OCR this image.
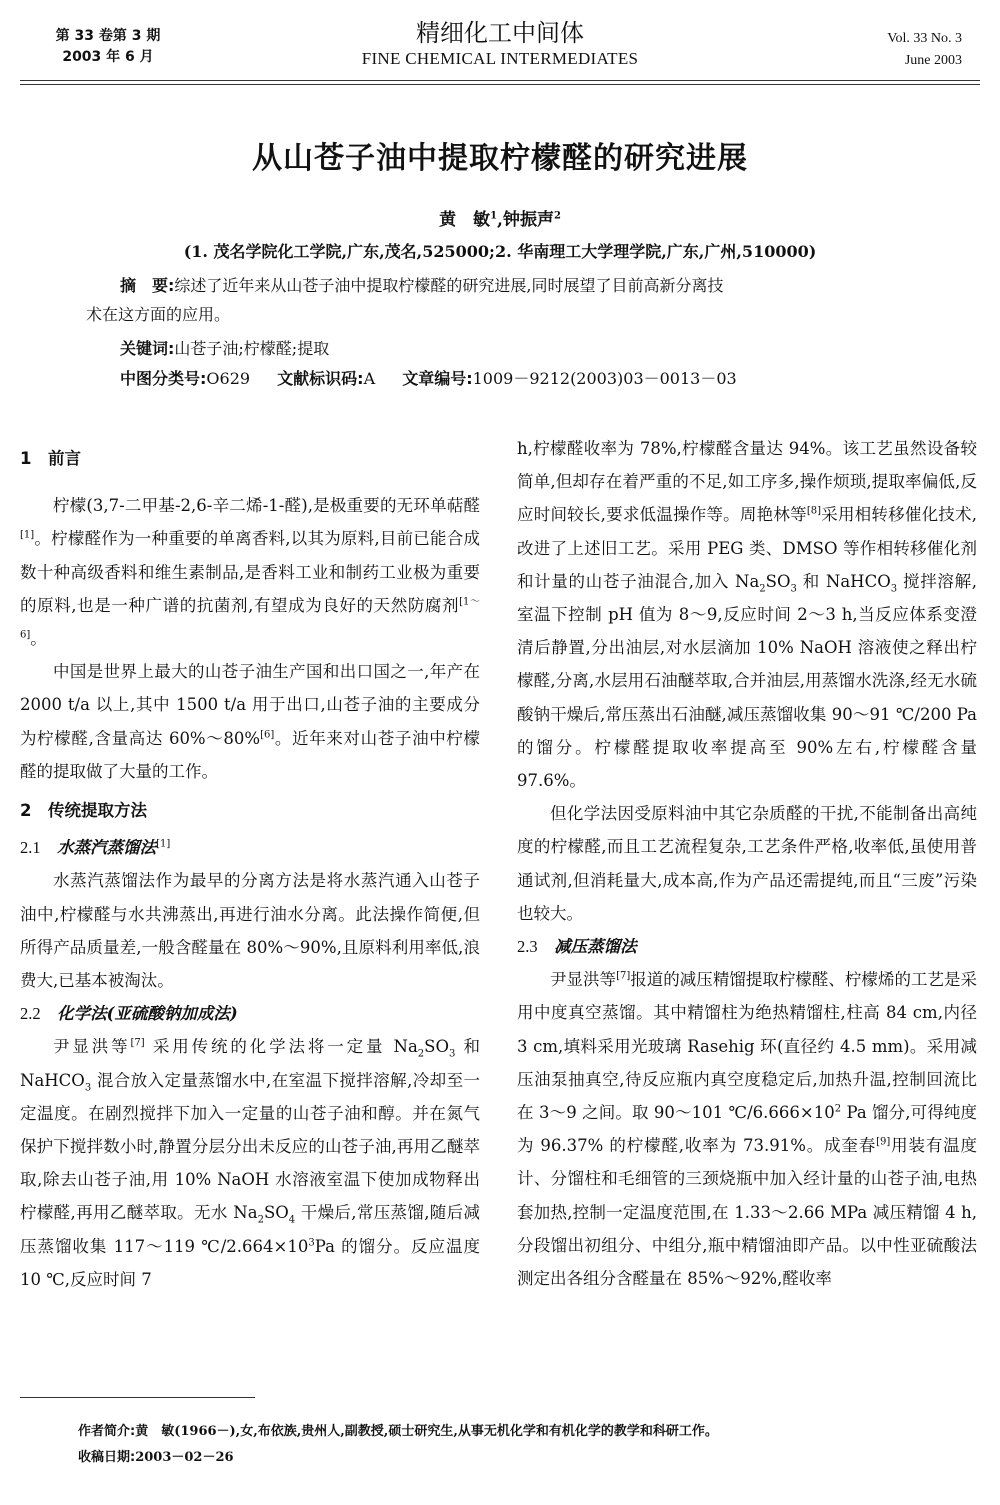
第 33 卷第 3 期
2003 年 6 月
精细化工中间体
FINE CHEMICAL INTERMEDIATES
Vol. 33 No. 3
June 2003
从山苍子油中提取柠檬醛的研究进展
黄　敏$^1$,钟振声$^2$
(1. 茂名学院化工学院,广东,茂名,525000;2. 华南理工大学理学院,广东,广州,510000)
摘　要:综述了近年来从山苍子油中提取柠檬醛的研究进展,同时展望了目前高新分离技
术在这方面的应用。
关键词:山苍子油;柠檬醛;提取
中图分类号:O629 文献标识码:A 文章编号:1009－9212(2003)03－0013－03
1　前言

柠檬(3,7-二甲基-2,6-辛二烯-1-醛),是极重要的无环单萜醛[1]。柠檬醛作为一种重要的单离香料,以其为原料,目前已能合成数十种高级香料和维生素制品,是香料工业和制药工业极为重要的原料,也是一种广谱的抗菌剂,有望成为良好的天然防腐剂[1～6]。

中国是世界上最大的山苍子油生产国和出口国之一,年产在 2000 t/a 以上,其中 1500 t/a 用于出口,山苍子油的主要成分为柠檬醛,含量高达 60%～80%[6]。近年来对山苍子油中柠檬醛的提取做了大量的工作。

2　传统提取方法
2.1　水蒸汽蒸馏法[1]

水蒸汽蒸馏法作为最早的分离方法是将水蒸汽通入山苍子油中,柠檬醛与水共沸蒸出,再进行油水分离。此法操作简便,但所得产品质量差,一般含醛量在 80%～90%,且原料利用率低,浪费大,已基本被淘汰。

2.2　化学法(亚硫酸钠加成法)

尹显洪等[7] 采用传统的化学法将一定量 $Na_2SO_3$ 和 NaHCO$_3$ 混合放入定量蒸馏水中,在室温下搅拌溶解,冷却至一定温度。在剧烈搅拌下加入一定量的山苍子油和醇。并在氮气保护下搅拌数小时,静置分层分出未反应的山苍子油,再用乙醚萃取,除去山苍子油,用 10% NaOH 水溶液室温下使加成物释出柠檬醛,再用乙醚萃取。无水 $Na_2SO_4$ 干燥后,常压蒸馏,随后减压蒸馏收集 117～119 $℃/2.664\times 10^3Pa$ 的馏分。反应温度 10 ℃,反应时间 7

h,柠檬醛收率为 78%,柠檬醛含量达 94%。该工艺虽然设备较简单,但却存在着严重的不足,如工序多,操作烦琐,提取率偏低,反应时间较长,要求低温操作等。周艳林等[8]采用相转移催化技术,改进了上述旧工艺。采用 PEG 类、DMSO 等作相转移催化剂和计量的山苍子油混合,加入 $Na_2SO_3$ 和 NaHCO$_3$ 搅拌溶解,室温下控制 pH 值为 8～9,反应时间 2～3 h,当反应体系变澄清后静置,分出油层,对水层滴加 10% NaOH 溶液使之释出柠檬醛,分离,水层用石油醚萃取,合并油层,用蒸馏水洗涤,经无水硫酸钠干燥后,常压蒸出石油醚,减压蒸馏收集 90～91 ℃/200 Pa 的馏分。柠檬醛提取收率提高至 90%左右,柠檬醛含量 97.6%。

但化学法因受原料油中其它杂质醛的干扰,不能制备出高纯度的柠檬醛,而且工艺流程复杂,工艺条件严格,收率低,虽使用普通试剂,但消耗量大,成本高,作为产品还需提纯,而且“三废”污染也较大。

2.3　减压蒸馏法

尹显洪等[7]报道的减压精馏提取柠檬醛、柠檬烯的工艺是采用中度真空蒸馏。其中精馏柱为绝热精馏柱,柱高 84 cm,内径 3 cm,填料采用光玻璃 Rasehig 环(直径约 4.5 mm)。采用减压油泵抽真空,待反应瓶内真空度稳定后,加热升温,控制回流比在 3～9 之间。取 90～101 $℃/6.666\times 10^2$ Pa 馏分,可得纯度为 96.37% 的柠檬醛,收率为 73.91%。成奎春[9]用装有温度计、分馏柱和毛细管的三颈烧瓶中加入经计量的山苍子油,电热套加热,控制一定温度范围,在 1.33～2.66 MPa 减压精馏 4 h,分段馏出初组分、中组分,瓶中精馏油即产品。以中性亚硫酸法测定出各组分含醛量在 85%～92%,醛收率

作者简介:黄　敏(1966－),女,布依族,贵州人,副教授,硕士研究生,从事无机化学和有机化学的教学和科研工作。
收稿日期:2003－02－26
